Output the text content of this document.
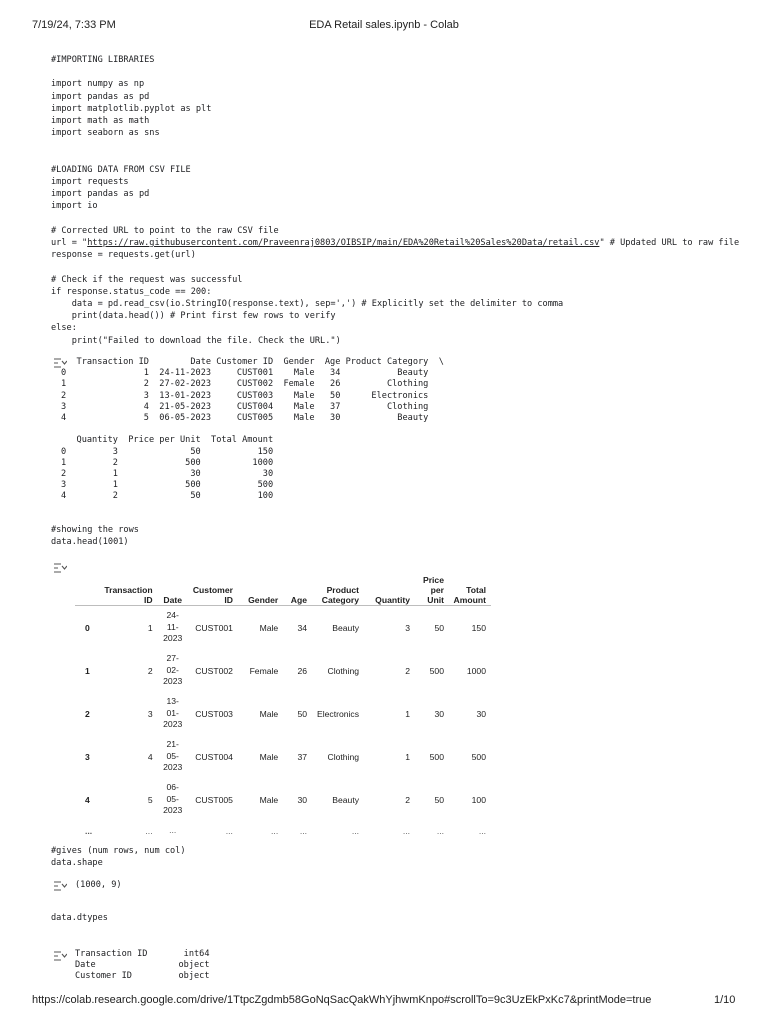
7/19/24, 7:33 PM	EDA Retail sales.ipynb - Colab
#IMPORTING LIBRARIES

import numpy as np
import pandas as pd
import matplotlib.pyplot as plt
import math as math
import seaborn as sns

#LOADING DATA FROM CSV FILE
import requests
import pandas as pd
import io

# Corrected URL to point to the raw CSV file
url = "https://raw.githubusercontent.com/Praveenraj0803/OIBSIP/main/EDA%20Retail%20Sales%20Data/retail.csv" # Updated URL to raw file
response = requests.get(url)

# Check if the request was successful
if response.status_code == 200:
data = pd.read_csv(io.StringIO(response.text), sep=',') # Explicitly set the delimiter to comma
print(data.head()) # Print first few rows to verify
else:
print("Failed to download the file. Check the URL.")
Transaction ID        Date Customer ID  Gender  Age Product Category  \
0               1  24-11-2023     CUST001    Male   34           Beauty
1               2  27-02-2023     CUST002  Female   26         Clothing
2               3  13-01-2023     CUST003    Male   50      Electronics
3               4  21-05-2023     CUST004    Male   37         Clothing
4               5  06-05-2023     CUST005    Male   30           Beauty

Quantity  Price per Unit  Total Amount
0         3              50           150
1         2             500          1000
2         1              30            30
3         1             500           500
4         2              50           100
#showing the rows
data.head(1001)
	Transaction ID	Date	Customer ID	Gender	Age	Product Category	Quantity	Price per Unit	Total Amount
0	1	24-
11-
2023	CUST001	Male	34	Beauty	3	50	150
1	2	27-
02-
2023	CUST002	Female	26	Clothing	2	500	1000
2	3	13-
01-
2023	CUST003	Male	50	Electronics	1	30	30
3	4	21-
05-
2023	CUST004	Male	37	Clothing	1	500	500
4	5	06-
05-
2023	CUST005	Male	30	Beauty	2	50	100
...	...	...	...	...	...	...	...	...	...
#gives (num rows, num col)
data.shape
(1000, 9)
data.dtypes
Transaction ID       int64
Date                object
Customer ID         object
https://colab.research.google.com/drive/1TtpcZgdmb58GoNqSacQakWhYjhwmKnpo#scrollTo=9c3UzEkPxKc7&printMode=true	1/10
